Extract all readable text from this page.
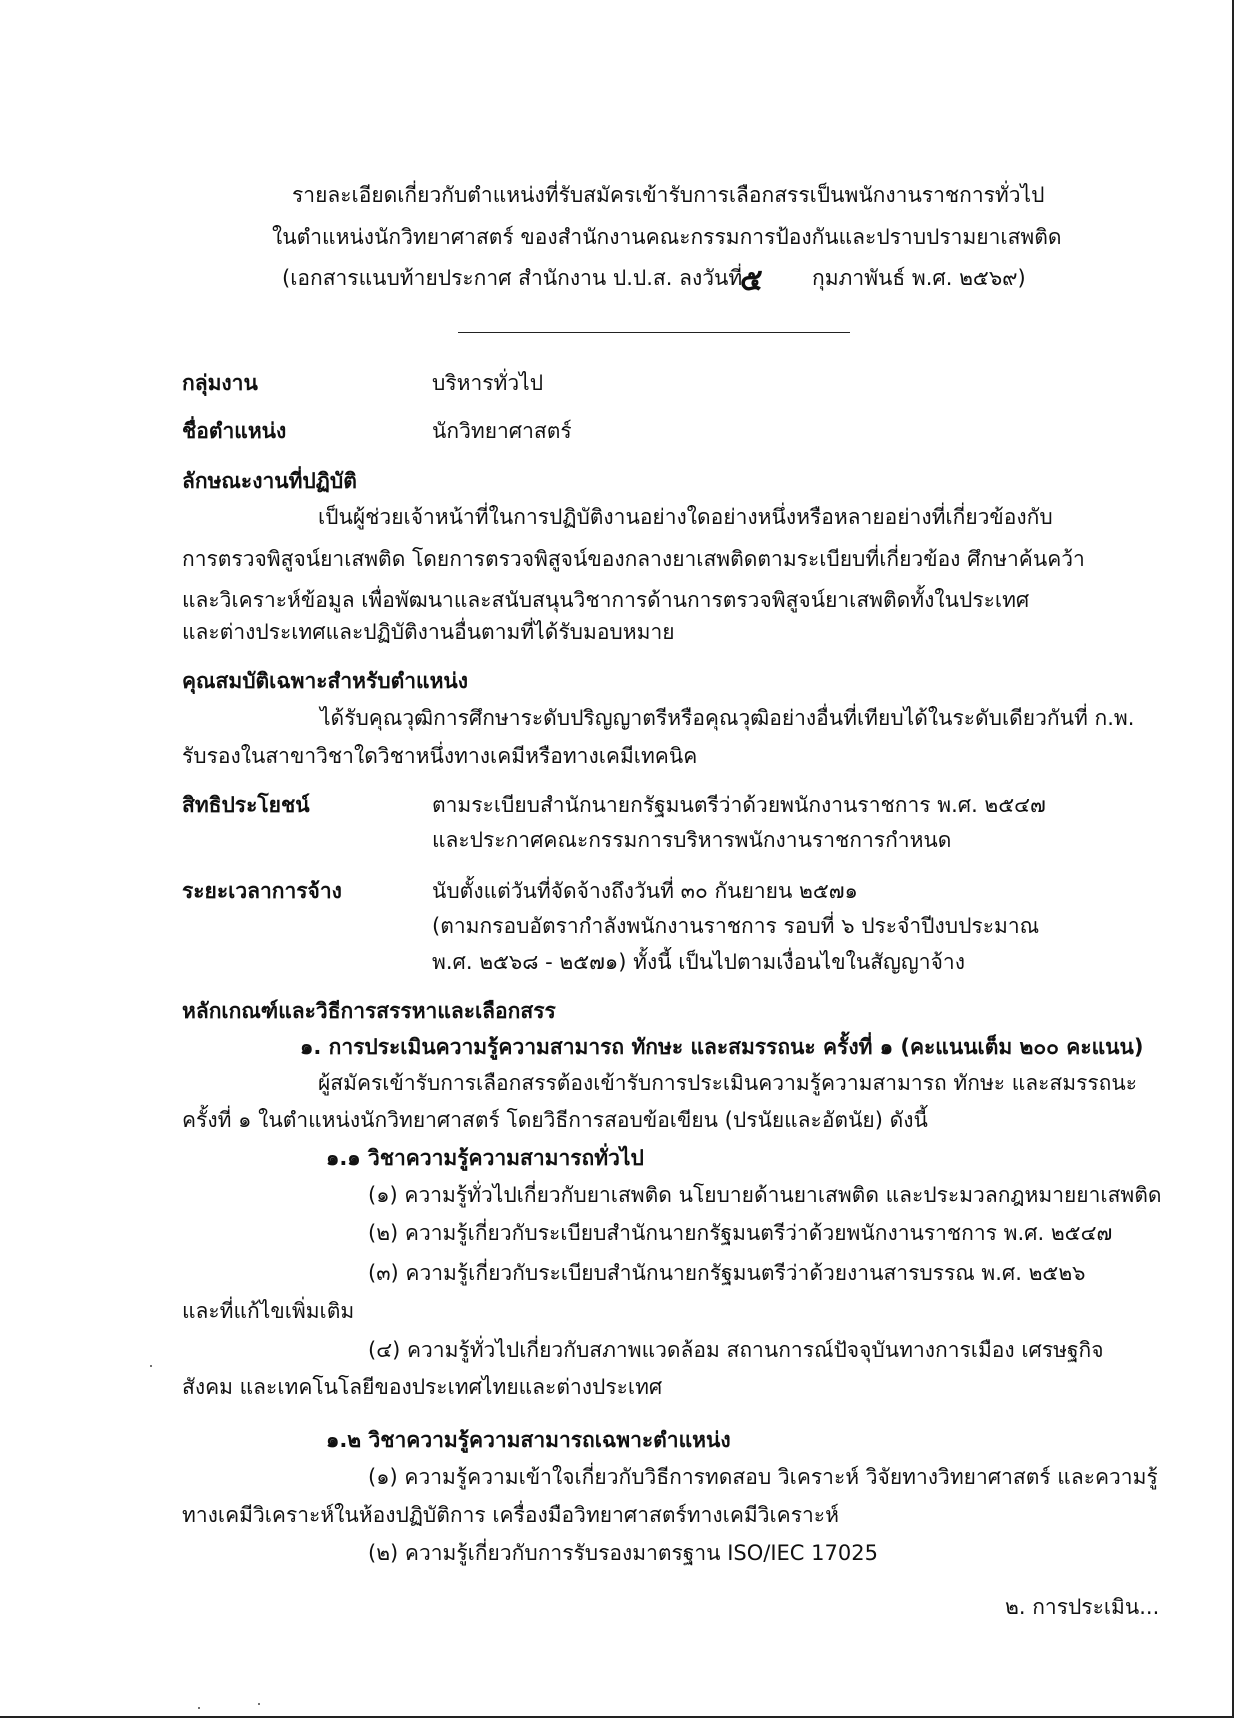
รายละเอียดเกี่ยวกับตำแหน่งที่รับสมัครเข้ารับการเลือกสรรเป็นพนักงานราชการทั่วไป
ในตำแหน่งนักวิทยาศาสตร์ ของสำนักงานคณะกรรมการป้องกันและปราบปรามยาเสพติด
(เอกสารแนบท้ายประกาศ สำนักงาน ป.ป.ส. ลงวันที่
๕ กุมภาพันธ์ พ.ศ. ๒๕๖๙)
กลุ่มงาน	บริหารทั่วไป
ชื่อตำแหน่ง	นักวิทยาศาสตร์
ลักษณะงานที่ปฏิบัติ
เป็นผู้ช่วยเจ้าหน้าที่ในการปฏิบัติงานอย่างใดอย่างหนึ่งหรือหลายอย่างที่เกี่ยวข้องกับ
การตรวจพิสูจน์ยาเสพติด โดยการตรวจพิสูจน์ของกลางยาเสพติดตามระเบียบที่เกี่ยวข้อง ศึกษาค้นคว้า
และวิเคราะห์ข้อมูล เพื่อพัฒนาและสนับสนุนวิชาการด้านการตรวจพิสูจน์ยาเสพติดทั้งในประเทศ
และต่างประเทศและปฏิบัติงานอื่นตามที่ได้รับมอบหมาย
คุณสมบัติเฉพาะสำหรับตำแหน่ง
ได้รับคุณวุฒิการศึกษาระดับปริญญาตรีหรือคุณวุฒิอย่างอื่นที่เทียบได้ในระดับเดียวกันที่ ก.พ.
รับรองในสาขาวิชาใดวิชาหนึ่งทางเคมีหรือทางเคมีเทคนิค
สิทธิประโยชน์	ตามระเบียบสำนักนายกรัฐมนตรีว่าด้วยพนักงานราชการ พ.ศ. ๒๕๔๗
และประกาศคณะกรรมการบริหารพนักงานราชการกำหนด
ระยะเวลาการจ้าง	นับตั้งแต่วันที่จัดจ้างถึงวันที่ ๓๐ กันยายน ๒๕๗๑
(ตามกรอบอัตรากำลังพนักงานราชการ รอบที่ ๖ ประจำปีงบประมาณ
พ.ศ. ๒๕๖๘ - ๒๕๗๑) ทั้งนี้ เป็นไปตามเงื่อนไขในสัญญาจ้าง
หลักเกณฑ์และวิธีการสรรหาและเลือกสรร
๑. การประเมินความรู้ความสามารถ ทักษะ และสมรรถนะ ครั้งที่ ๑ (คะแนนเต็ม ๒๐๐ คะแนน)
ผู้สมัครเข้ารับการเลือกสรรต้องเข้ารับการประเมินความรู้ความสามารถ ทักษะ และสมรรถนะ
ครั้งที่ ๑ ในตำแหน่งนักวิทยาศาสตร์ โดยวิธีการสอบข้อเขียน (ปรนัยและอัตนัย) ดังนี้
๑.๑ วิชาความรู้ความสามารถทั่วไป
(๑) ความรู้ทั่วไปเกี่ยวกับยาเสพติด นโยบายด้านยาเสพติด และประมวลกฎหมายยาเสพติด
(๒) ความรู้เกี่ยวกับระเบียบสำนักนายกรัฐมนตรีว่าด้วยพนักงานราชการ พ.ศ. ๒๕๔๗
(๓) ความรู้เกี่ยวกับระเบียบสำนักนายกรัฐมนตรีว่าด้วยงานสารบรรณ พ.ศ. ๒๕๒๖
และที่แก้ไขเพิ่มเติม
(๔) ความรู้ทั่วไปเกี่ยวกับสภาพแวดล้อม สถานการณ์ปัจจุบันทางการเมือง เศรษฐกิจ
สังคม และเทคโนโลยีของประเทศไทยและต่างประเทศ
๑.๒ วิชาความรู้ความสามารถเฉพาะตำแหน่ง
(๑) ความรู้ความเข้าใจเกี่ยวกับวิธีการทดสอบ วิเคราะห์ วิจัยทางวิทยาศาสตร์ และความรู้
ทางเคมีวิเคราะห์ในห้องปฏิบัติการ เครื่องมือวิทยาศาสตร์ทางเคมีวิเคราะห์
(๒) ความรู้เกี่ยวกับการรับรองมาตรฐาน ISO/IEC 17025
๒. การประเมิน...
